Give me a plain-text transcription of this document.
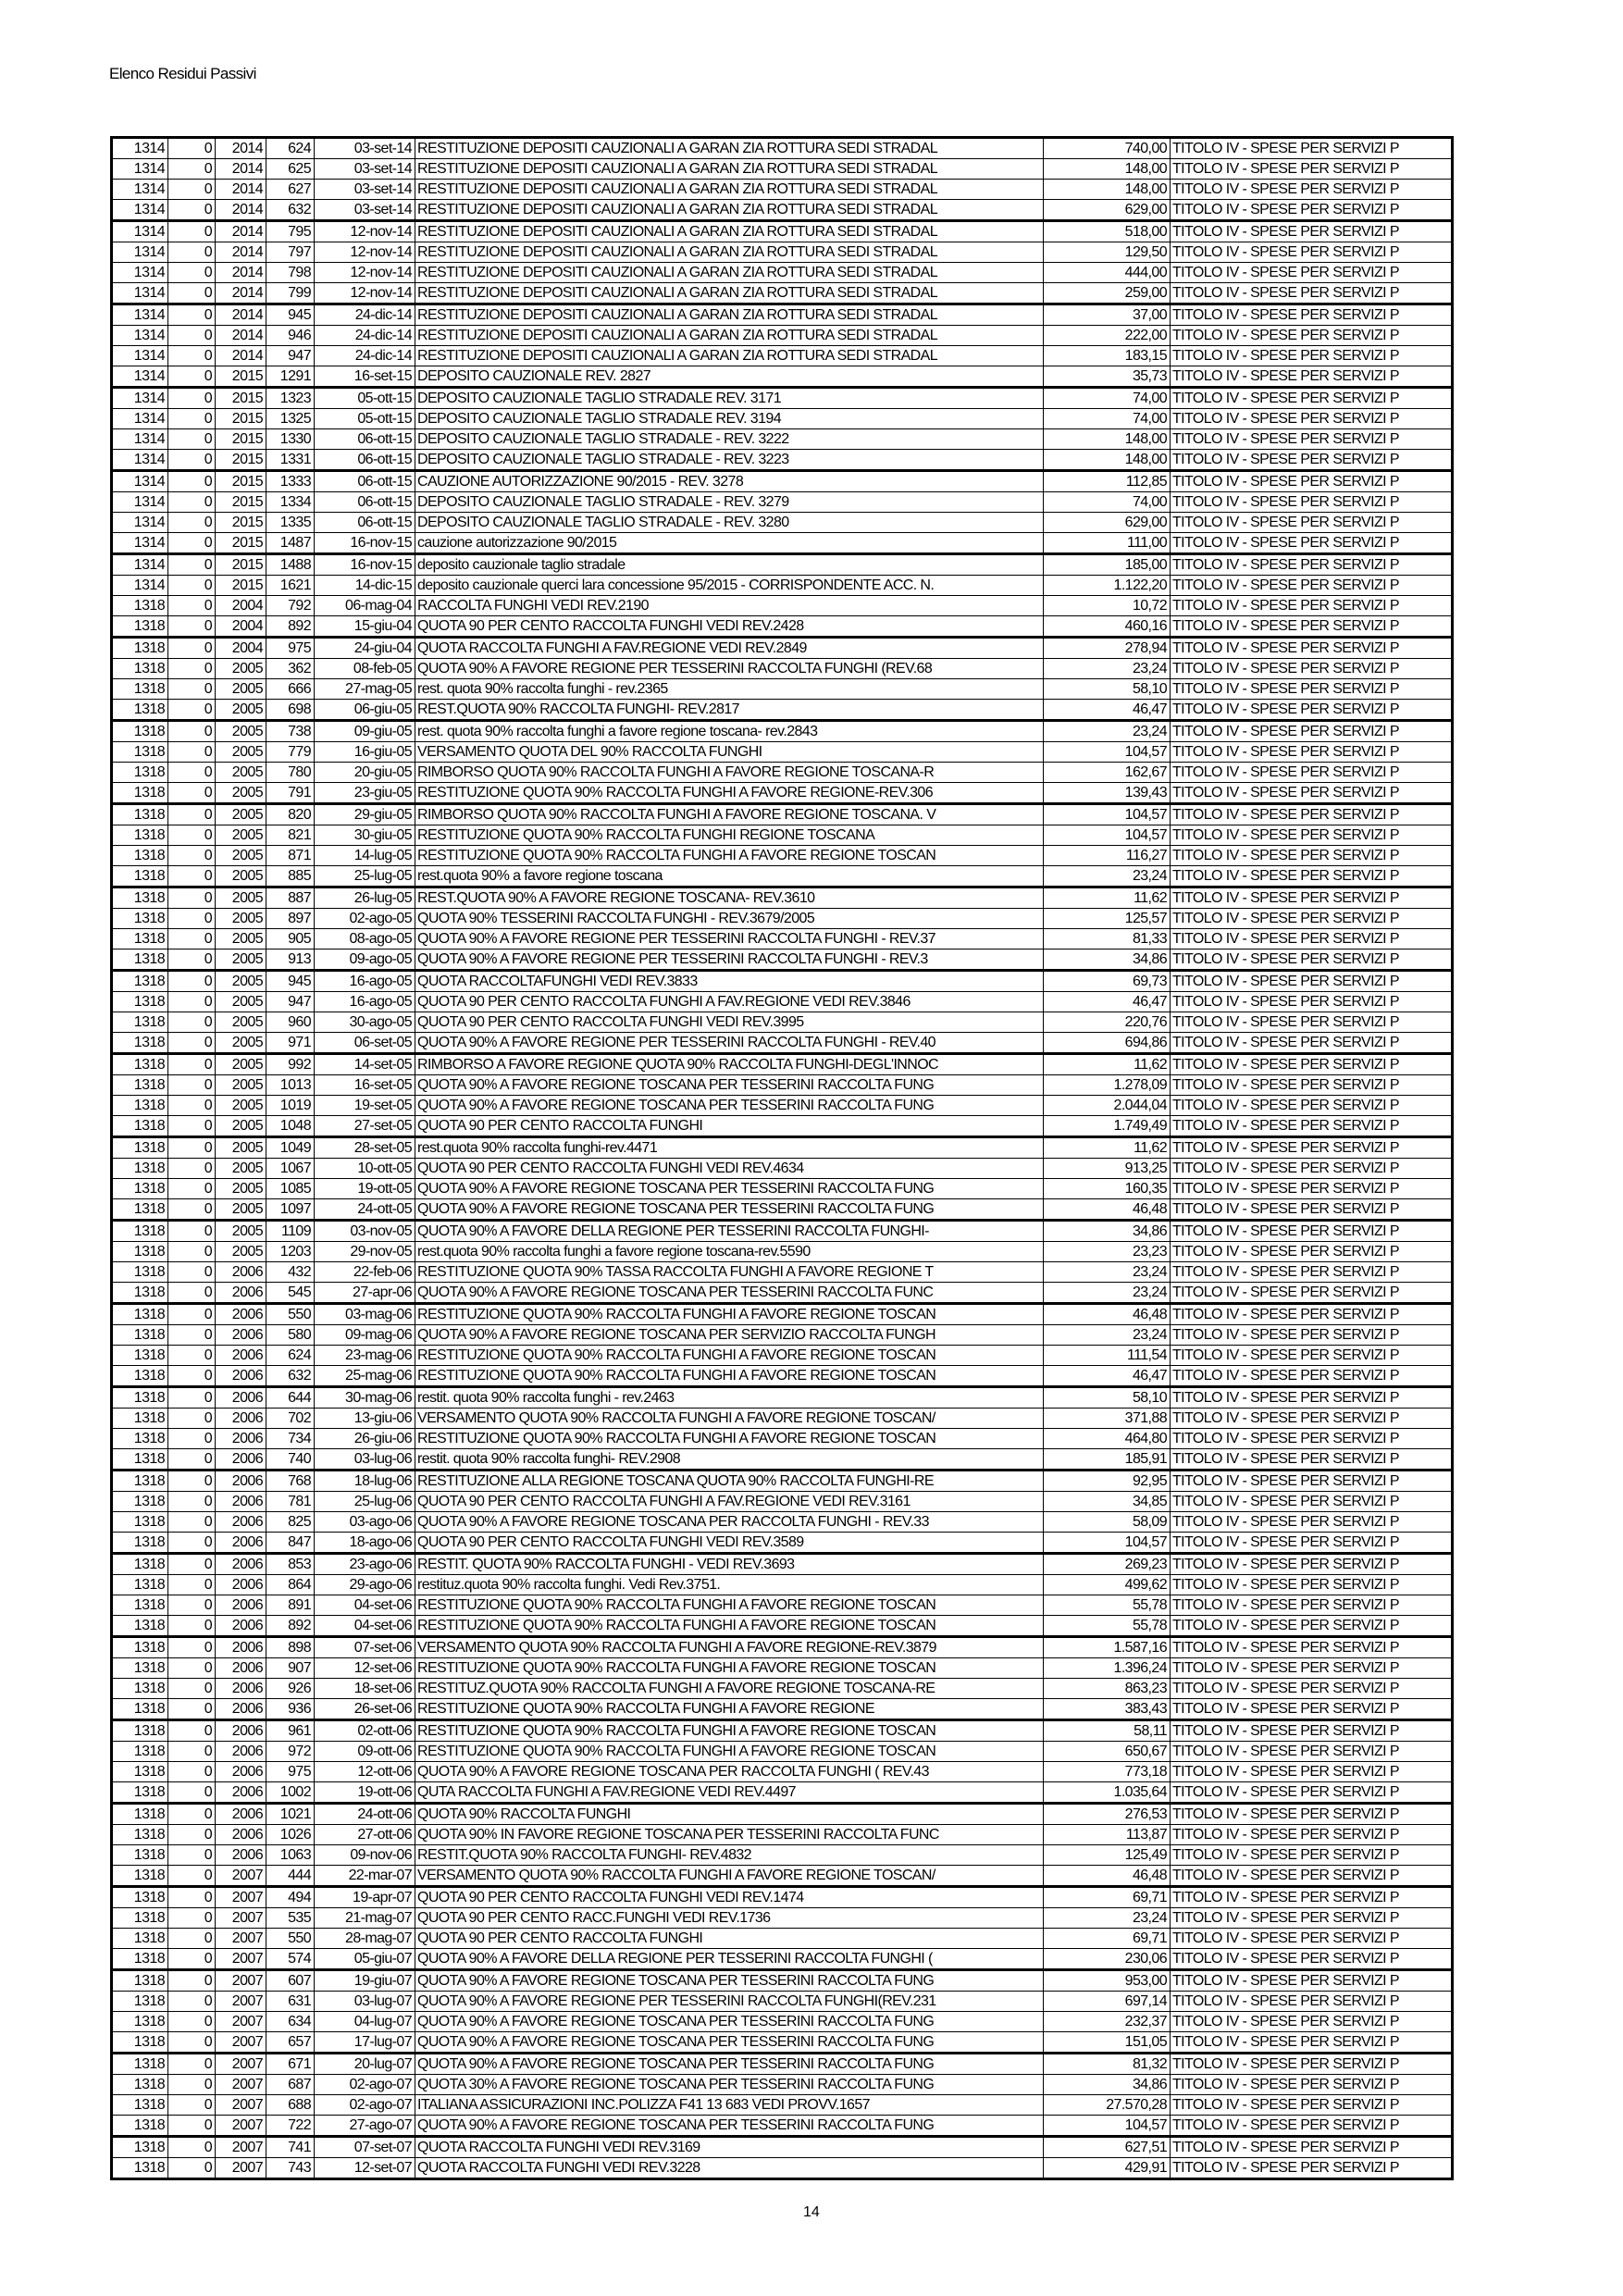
Elenco Residui Passivi
1314	0	2014	624	03-set-14	RESTITUZIONE DEPOSITI CAUZIONALI A GARAN ZIA ROTTURA SEDI STRADAL	740,00	TITOLO IV - SPESE PER SERVIZI P
1314	0	2014	625	03-set-14	RESTITUZIONE DEPOSITI CAUZIONALI A GARAN ZIA ROTTURA SEDI STRADAL	148,00	TITOLO IV - SPESE PER SERVIZI P
1314	0	2014	627	03-set-14	RESTITUZIONE DEPOSITI CAUZIONALI A GARAN ZIA ROTTURA SEDI STRADAL	148,00	TITOLO IV - SPESE PER SERVIZI P
1314	0	2014	632	03-set-14	RESTITUZIONE DEPOSITI CAUZIONALI A GARAN ZIA ROTTURA SEDI STRADAL	629,00	TITOLO IV - SPESE PER SERVIZI P
1314	0	2014	795	12-nov-14	RESTITUZIONE DEPOSITI CAUZIONALI A GARAN ZIA ROTTURA SEDI STRADAL	518,00	TITOLO IV - SPESE PER SERVIZI P
1314	0	2014	797	12-nov-14	RESTITUZIONE DEPOSITI CAUZIONALI A GARAN ZIA ROTTURA SEDI STRADAL	129,50	TITOLO IV - SPESE PER SERVIZI P
1314	0	2014	798	12-nov-14	RESTITUZIONE DEPOSITI CAUZIONALI A GARAN ZIA ROTTURA SEDI STRADAL	444,00	TITOLO IV - SPESE PER SERVIZI P
1314	0	2014	799	12-nov-14	RESTITUZIONE DEPOSITI CAUZIONALI A GARAN ZIA ROTTURA SEDI STRADAL	259,00	TITOLO IV - SPESE PER SERVIZI P
1314	0	2014	945	24-dic-14	RESTITUZIONE DEPOSITI CAUZIONALI A GARAN ZIA ROTTURA SEDI STRADAL	37,00	TITOLO IV - SPESE PER SERVIZI P
1314	0	2014	946	24-dic-14	RESTITUZIONE DEPOSITI CAUZIONALI A GARAN ZIA ROTTURA SEDI STRADAL	222,00	TITOLO IV - SPESE PER SERVIZI P
1314	0	2014	947	24-dic-14	RESTITUZIONE DEPOSITI CAUZIONALI A GARAN ZIA ROTTURA SEDI STRADAL	183,15	TITOLO IV - SPESE PER SERVIZI P
1314	0	2015	1291	16-set-15	DEPOSITO CAUZIONALE REV. 2827	35,73	TITOLO IV - SPESE PER SERVIZI P
1314	0	2015	1323	05-ott-15	DEPOSITO CAUZIONALE TAGLIO STRADALE REV. 3171	74,00	TITOLO IV - SPESE PER SERVIZI P
1314	0	2015	1325	05-ott-15	DEPOSITO CAUZIONALE TAGLIO STRADALE REV. 3194	74,00	TITOLO IV - SPESE PER SERVIZI P
1314	0	2015	1330	06-ott-15	DEPOSITO CAUZIONALE TAGLIO STRADALE - REV. 3222	148,00	TITOLO IV - SPESE PER SERVIZI P
1314	0	2015	1331	06-ott-15	DEPOSITO CAUZIONALE TAGLIO STRADALE - REV. 3223	148,00	TITOLO IV - SPESE PER SERVIZI P
1314	0	2015	1333	06-ott-15	CAUZIONE AUTORIZZAZIONE 90/2015 - REV. 3278	112,85	TITOLO IV - SPESE PER SERVIZI P
1314	0	2015	1334	06-ott-15	DEPOSITO CAUZIONALE TAGLIO STRADALE - REV. 3279	74,00	TITOLO IV - SPESE PER SERVIZI P
1314	0	2015	1335	06-ott-15	DEPOSITO CAUZIONALE TAGLIO STRADALE - REV. 3280	629,00	TITOLO IV - SPESE PER SERVIZI P
1314	0	2015	1487	16-nov-15	cauzione autorizzazione 90/2015	111,00	TITOLO IV - SPESE PER SERVIZI P
1314	0	2015	1488	16-nov-15	deposito cauzionale taglio stradale	185,00	TITOLO IV - SPESE PER SERVIZI P
1314	0	2015	1621	14-dic-15	deposito cauzionale querci lara concessione 95/2015 - CORRISPONDENTE ACC. N.	1.122,20	TITOLO IV - SPESE PER SERVIZI P
1318	0	2004	792	06-mag-04	RACCOLTA FUNGHI VEDI REV.2190	10,72	TITOLO IV - SPESE PER SERVIZI P
1318	0	2004	892	15-giu-04	QUOTA 90 PER CENTO RACCOLTA FUNGHI VEDI REV.2428	460,16	TITOLO IV - SPESE PER SERVIZI P
1318	0	2004	975	24-giu-04	QUOTA RACCOLTA FUNGHI A FAV.REGIONE VEDI REV.2849	278,94	TITOLO IV - SPESE PER SERVIZI P
1318	0	2005	362	08-feb-05	QUOTA 90% A FAVORE REGIONE PER TESSERINI RACCOLTA FUNGHI (REV.68	23,24	TITOLO IV - SPESE PER SERVIZI P
1318	0	2005	666	27-mag-05	rest. quota 90% raccolta funghi - rev.2365	58,10	TITOLO IV - SPESE PER SERVIZI P
1318	0	2005	698	06-giu-05	REST.QUOTA 90% RACCOLTA FUNGHI- REV.2817	46,47	TITOLO IV - SPESE PER SERVIZI P
1318	0	2005	738	09-giu-05	rest. quota 90% raccolta funghi a favore regione toscana- rev.2843	23,24	TITOLO IV - SPESE PER SERVIZI P
1318	0	2005	779	16-giu-05	VERSAMENTO QUOTA DEL 90% RACCOLTA FUNGHI	104,57	TITOLO IV - SPESE PER SERVIZI P
1318	0	2005	780	20-giu-05	RIMBORSO QUOTA 90% RACCOLTA FUNGHI A FAVORE REGIONE TOSCANA-R	162,67	TITOLO IV - SPESE PER SERVIZI P
1318	0	2005	791	23-giu-05	RESTITUZIONE QUOTA 90% RACCOLTA FUNGHI A FAVORE REGIONE-REV.306	139,43	TITOLO IV - SPESE PER SERVIZI P
1318	0	2005	820	29-giu-05	RIMBORSO QUOTA 90% RACCOLTA FUNGHI A FAVORE REGIONE TOSCANA. V	104,57	TITOLO IV - SPESE PER SERVIZI P
1318	0	2005	821	30-giu-05	RESTITUZIONE QUOTA 90% RACCOLTA FUNGHI REGIONE TOSCANA	104,57	TITOLO IV - SPESE PER SERVIZI P
1318	0	2005	871	14-lug-05	RESTITUZIONE QUOTA 90% RACCOLTA FUNGHI A FAVORE REGIONE TOSCAN	116,27	TITOLO IV - SPESE PER SERVIZI P
1318	0	2005	885	25-lug-05	rest.quota 90% a favore regione toscana	23,24	TITOLO IV - SPESE PER SERVIZI P
1318	0	2005	887	26-lug-05	REST.QUOTA 90% A FAVORE REGIONE TOSCANA- REV.3610	11,62	TITOLO IV - SPESE PER SERVIZI P
1318	0	2005	897	02-ago-05	QUOTA 90% TESSERINI RACCOLTA FUNGHI - REV.3679/2005	125,57	TITOLO IV - SPESE PER SERVIZI P
1318	0	2005	905	08-ago-05	QUOTA 90% A FAVORE REGIONE PER TESSERINI RACCOLTA FUNGHI - REV.37	81,33	TITOLO IV - SPESE PER SERVIZI P
1318	0	2005	913	09-ago-05	QUOTA 90% A FAVORE REGIONE PER TESSERINI RACCOLTA FUNGHI - REV.3	34,86	TITOLO IV - SPESE PER SERVIZI P
1318	0	2005	945	16-ago-05	QUOTA RACCOLTAFUNGHI VEDI REV.3833	69,73	TITOLO IV - SPESE PER SERVIZI P
1318	0	2005	947	16-ago-05	QUOTA 90 PER CENTO RACCOLTA FUNGHI A FAV.REGIONE VEDI REV.3846	46,47	TITOLO IV - SPESE PER SERVIZI P
1318	0	2005	960	30-ago-05	QUOTA 90 PER CENTO RACCOLTA FUNGHI VEDI REV.3995	220,76	TITOLO IV - SPESE PER SERVIZI P
1318	0	2005	971	06-set-05	QUOTA 90% A FAVORE REGIONE PER TESSERINI RACCOLTA FUNGHI - REV.40	694,86	TITOLO IV - SPESE PER SERVIZI P
1318	0	2005	992	14-set-05	RIMBORSO A FAVORE REGIONE QUOTA 90% RACCOLTA FUNGHI-DEGL'INNOC	11,62	TITOLO IV - SPESE PER SERVIZI P
1318	0	2005	1013	16-set-05	QUOTA 90% A FAVORE REGIONE TOSCANA PER TESSERINI RACCOLTA FUNG	1.278,09	TITOLO IV - SPESE PER SERVIZI P
1318	0	2005	1019	19-set-05	QUOTA 90% A FAVORE REGIONE TOSCANA PER TESSERINI RACCOLTA FUNG	2.044,04	TITOLO IV - SPESE PER SERVIZI P
1318	0	2005	1048	27-set-05	QUOTA 90 PER CENTO RACCOLTA FUNGHI	1.749,49	TITOLO IV - SPESE PER SERVIZI P
1318	0	2005	1049	28-set-05	rest.quota 90% raccolta funghi-rev.4471	11,62	TITOLO IV - SPESE PER SERVIZI P
1318	0	2005	1067	10-ott-05	QUOTA 90 PER CENTO RACCOLTA FUNGHI VEDI REV.4634	913,25	TITOLO IV - SPESE PER SERVIZI P
1318	0	2005	1085	19-ott-05	QUOTA 90% A FAVORE REGIONE TOSCANA PER TESSERINI RACCOLTA FUNG	160,35	TITOLO IV - SPESE PER SERVIZI P
1318	0	2005	1097	24-ott-05	QUOTA 90% A FAVORE REGIONE TOSCANA PER TESSERINI RACCOLTA FUNG	46,48	TITOLO IV - SPESE PER SERVIZI P
1318	0	2005	1109	03-nov-05	QUOTA 90% A FAVORE DELLA REGIONE PER TESSERINI RACCOLTA FUNGHI-	34,86	TITOLO IV - SPESE PER SERVIZI P
1318	0	2005	1203	29-nov-05	rest.quota 90% raccolta funghi a favore regione toscana-rev.5590	23,23	TITOLO IV - SPESE PER SERVIZI P
1318	0	2006	432	22-feb-06	RESTITUZIONE QUOTA 90% TASSA RACCOLTA FUNGHI A FAVORE REGIONE T	23,24	TITOLO IV - SPESE PER SERVIZI P
1318	0	2006	545	27-apr-06	QUOTA 90% A FAVORE REGIONE TOSCANA PER TESSERINI RACCOLTA FUNC	23,24	TITOLO IV - SPESE PER SERVIZI P
1318	0	2006	550	03-mag-06	RESTITUZIONE QUOTA 90% RACCOLTA FUNGHI A FAVORE REGIONE TOSCAN	46,48	TITOLO IV - SPESE PER SERVIZI P
1318	0	2006	580	09-mag-06	QUOTA 90% A FAVORE REGIONE TOSCANA PER SERVIZIO RACCOLTA FUNGH	23,24	TITOLO IV - SPESE PER SERVIZI P
1318	0	2006	624	23-mag-06	RESTITUZIONE QUOTA 90% RACCOLTA FUNGHI A FAVORE REGIONE TOSCAN	111,54	TITOLO IV - SPESE PER SERVIZI P
1318	0	2006	632	25-mag-06	RESTITUZIONE QUOTA 90% RACCOLTA FUNGHI A FAVORE REGIONE TOSCAN	46,47	TITOLO IV - SPESE PER SERVIZI P
1318	0	2006	644	30-mag-06	restit. quota 90% raccolta funghi - rev.2463	58,10	TITOLO IV - SPESE PER SERVIZI P
1318	0	2006	702	13-giu-06	VERSAMENTO QUOTA 90% RACCOLTA FUNGHI A FAVORE REGIONE TOSCAN/	371,88	TITOLO IV - SPESE PER SERVIZI P
1318	0	2006	734	26-giu-06	RESTITUZIONE QUOTA 90% RACCOLTA FUNGHI A FAVORE REGIONE TOSCAN	464,80	TITOLO IV - SPESE PER SERVIZI P
1318	0	2006	740	03-lug-06	restit. quota 90% raccolta funghi- REV.2908	185,91	TITOLO IV - SPESE PER SERVIZI P
1318	0	2006	768	18-lug-06	RESTITUZIONE ALLA REGIONE TOSCANA QUOTA 90% RACCOLTA FUNGHI-RE	92,95	TITOLO IV - SPESE PER SERVIZI P
1318	0	2006	781	25-lug-06	QUOTA 90 PER CENTO RACCOLTA FUNGHI A FAV.REGIONE VEDI REV.3161	34,85	TITOLO IV - SPESE PER SERVIZI P
1318	0	2006	825	03-ago-06	QUOTA 90% A FAVORE REGIONE TOSCANA PER RACCOLTA FUNGHI - REV.33	58,09	TITOLO IV - SPESE PER SERVIZI P
1318	0	2006	847	18-ago-06	QUOTA 90 PER CENTO RACCOLTA FUNGHI VEDI REV.3589	104,57	TITOLO IV - SPESE PER SERVIZI P
1318	0	2006	853	23-ago-06	RESTIT. QUOTA 90% RACCOLTA FUNGHI - VEDI REV.3693	269,23	TITOLO IV - SPESE PER SERVIZI P
1318	0	2006	864	29-ago-06	restituz.quota 90% raccolta funghi. Vedi Rev.3751.	499,62	TITOLO IV - SPESE PER SERVIZI P
1318	0	2006	891	04-set-06	RESTITUZIONE QUOTA 90% RACCOLTA FUNGHI A FAVORE REGIONE TOSCAN	55,78	TITOLO IV - SPESE PER SERVIZI P
1318	0	2006	892	04-set-06	RESTITUZIONE QUOTA 90% RACCOLTA FUNGHI A FAVORE REGIONE TOSCAN	55,78	TITOLO IV - SPESE PER SERVIZI P
1318	0	2006	898	07-set-06	VERSAMENTO QUOTA 90% RACCOLTA FUNGHI A FAVORE REGIONE-REV.3879	1.587,16	TITOLO IV - SPESE PER SERVIZI P
1318	0	2006	907	12-set-06	RESTITUZIONE QUOTA 90% RACCOLTA FUNGHI A FAVORE REGIONE TOSCAN	1.396,24	TITOLO IV - SPESE PER SERVIZI P
1318	0	2006	926	18-set-06	RESTITUZ.QUOTA 90% RACCOLTA FUNGHI A FAVORE REGIONE TOSCANA-RE	863,23	TITOLO IV - SPESE PER SERVIZI P
1318	0	2006	936	26-set-06	RESTITUZIONE QUOTA 90% RACCOLTA FUNGHI A FAVORE REGIONE	383,43	TITOLO IV - SPESE PER SERVIZI P
1318	0	2006	961	02-ott-06	RESTITUZIONE QUOTA 90% RACCOLTA FUNGHI A FAVORE REGIONE TOSCAN	58,11	TITOLO IV - SPESE PER SERVIZI P
1318	0	2006	972	09-ott-06	RESTITUZIONE QUOTA 90% RACCOLTA FUNGHI A FAVORE REGIONE TOSCAN	650,67	TITOLO IV - SPESE PER SERVIZI P
1318	0	2006	975	12-ott-06	QUOTA 90% A FAVORE REGIONE TOSCANA PER RACCOLTA FUNGHI ( REV.43	773,18	TITOLO IV - SPESE PER SERVIZI P
1318	0	2006	1002	19-ott-06	QUTA RACCOLTA FUNGHI A FAV.REGIONE VEDI REV.4497	1.035,64	TITOLO IV - SPESE PER SERVIZI P
1318	0	2006	1021	24-ott-06	QUOTA 90% RACCOLTA FUNGHI	276,53	TITOLO IV - SPESE PER SERVIZI P
1318	0	2006	1026	27-ott-06	QUOTA 90% IN FAVORE REGIONE TOSCANA PER TESSERINI RACCOLTA FUNC	113,87	TITOLO IV - SPESE PER SERVIZI P
1318	0	2006	1063	09-nov-06	RESTIT.QUOTA 90% RACCOLTA FUNGHI- REV.4832	125,49	TITOLO IV - SPESE PER SERVIZI P
1318	0	2007	444	22-mar-07	VERSAMENTO QUOTA 90% RACCOLTA FUNGHI A FAVORE REGIONE TOSCAN/	46,48	TITOLO IV - SPESE PER SERVIZI P
1318	0	2007	494	19-apr-07	QUOTA 90 PER CENTO RACCOLTA FUNGHI VEDI REV.1474	69,71	TITOLO IV - SPESE PER SERVIZI P
1318	0	2007	535	21-mag-07	QUOTA 90 PER CENTO RACC.FUNGHI VEDI REV.1736	23,24	TITOLO IV - SPESE PER SERVIZI P
1318	0	2007	550	28-mag-07	QUOTA 90 PER CENTO RACCOLTA FUNGHI	69,71	TITOLO IV - SPESE PER SERVIZI P
1318	0	2007	574	05-giu-07	QUOTA 90% A FAVORE DELLA REGIONE PER TESSERINI RACCOLTA FUNGHI (	230,06	TITOLO IV - SPESE PER SERVIZI P
1318	0	2007	607	19-giu-07	QUOTA 90% A FAVORE REGIONE TOSCANA PER TESSERINI RACCOLTA FUNG	953,00	TITOLO IV - SPESE PER SERVIZI P
1318	0	2007	631	03-lug-07	QUOTA 90% A FAVORE REGIONE PER TESSERINI RACCOLTA FUNGHI(REV.231	697,14	TITOLO IV - SPESE PER SERVIZI P
1318	0	2007	634	04-lug-07	QUOTA 90% A FAVORE REGIONE TOSCANA PER TESSERINI RACCOLTA FUNG	232,37	TITOLO IV - SPESE PER SERVIZI P
1318	0	2007	657	17-lug-07	QUOTA 90% A FAVORE REGIONE TOSCANA PER TESSERINI RACCOLTA FUNG	151,05	TITOLO IV - SPESE PER SERVIZI P
1318	0	2007	671	20-lug-07	QUOTA 90% A FAVORE REGIONE TOSCANA PER TESSERINI RACCOLTA FUNG	81,32	TITOLO IV - SPESE PER SERVIZI P
1318	0	2007	687	02-ago-07	QUOTA 30% A FAVORE REGIONE TOSCANA PER TESSERINI RACCOLTA FUNG	34,86	TITOLO IV - SPESE PER SERVIZI P
1318	0	2007	688	02-ago-07	ITALIANA ASSICURAZIONI INC.POLIZZA F41 13 683 VEDI PROVV.1657	27.570,28	TITOLO IV - SPESE PER SERVIZI P
1318	0	2007	722	27-ago-07	QUOTA 90% A FAVORE REGIONE TOSCANA PER TESSERINI RACCOLTA FUNG	104,57	TITOLO IV - SPESE PER SERVIZI P
1318	0	2007	741	07-set-07	QUOTA RACCOLTA FUNGHI VEDI REV.3169	627,51	TITOLO IV - SPESE PER SERVIZI P
1318	0	2007	743	12-set-07	QUOTA RACCOLTA FUNGHI VEDI REV.3228	429,91	TITOLO IV - SPESE PER SERVIZI P
14
